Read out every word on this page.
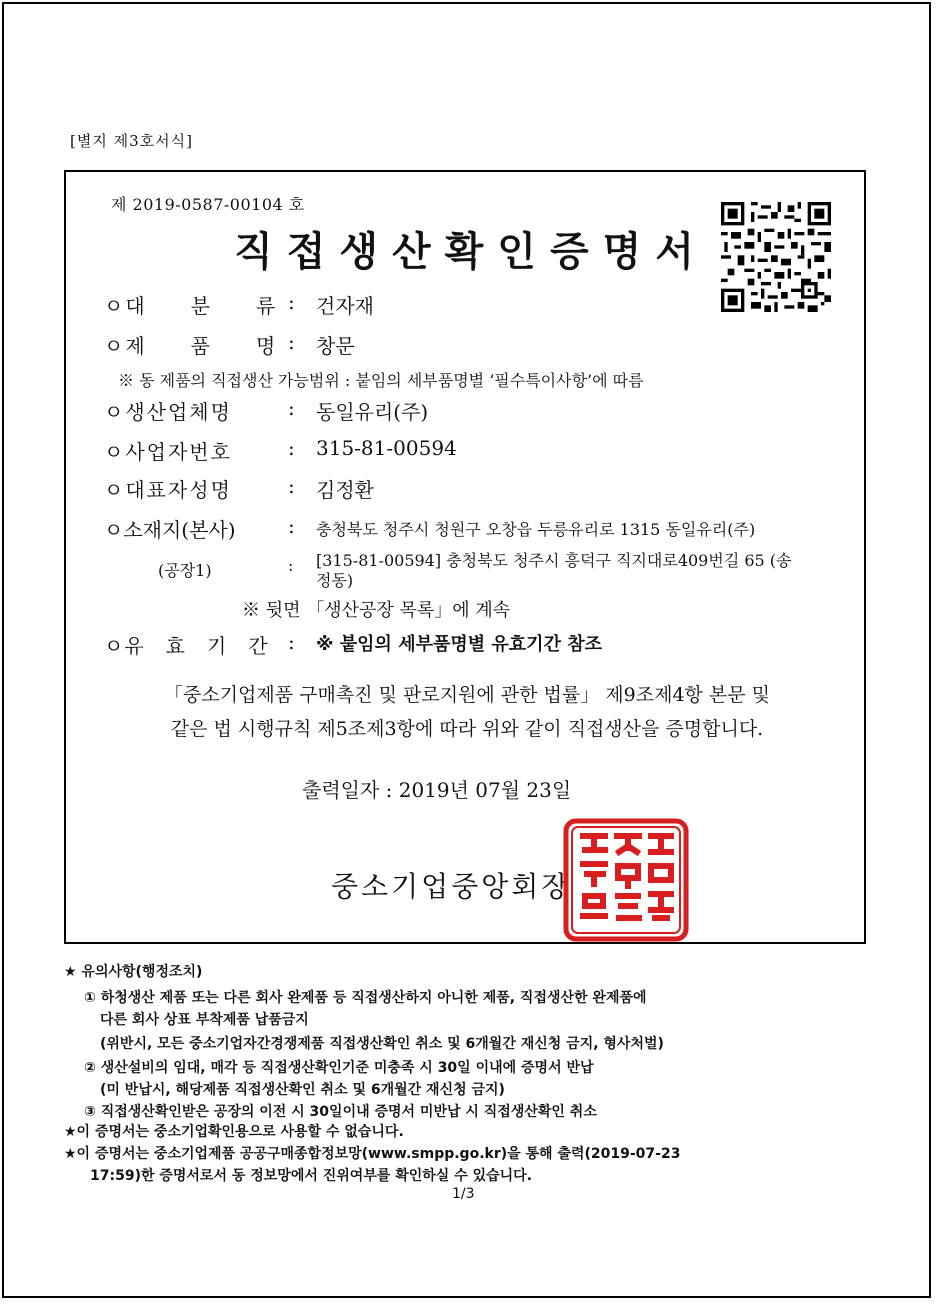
[별지 제3호서식]
제 2019-0587-00104 호
직접생산확인증명서
ㅇ대　　분　　류 : 건자재
ㅇ제　　품　　명 : 창문
※ 동 제품의 직접생산 가능범위 : 붙임의 세부품명별 ‘필수특이사항’에 따름
ㅇ생산업체명	: 동일유리(주)
ㅇ사업자번호	: 315-81-00594
ㅇ대표자성명	: 김정환
ㅇ소재지(본사)	: 충청북도 청주시 청원구 오창읍 두릉유리로 1315 동일유리(주)
(공장1)	: [315-81-00594] 충청북도 청주시 흥덕구 직지대로409번길 65 (송
정동)
※ 뒷면 「생산공장 목록」에 계속
ㅇ유　효　기　간 : ※ 붙임의 세부품명별 유효기간 참조
「중소기업제품 구매촉진 및 판로지원에 관한 법률」 제9조제4항 본문 및
같은 법 시행규칙 제5조제3항에 따라 위와 같이 직접생산을 증명합니다.
출력일자 : 2019년 07월 23일
중소기업중앙회장
★ 유의사항(행정조치)
① 하청생산 제품 또는 다른 회사 완제품 등 직접생산하지 아니한 제품, 직접생산한 완제품에
다른 회사 상표 부착제품 납품금지
(위반시, 모든 중소기업자간경쟁제품 직접생산확인 취소 및 6개월간 재신청 금지, 형사처벌)
② 생산설비의 임대, 매각 등 직접생산확인기준 미충족 시 30일 이내에 증명서 반납
(미 반납시, 해당제품 직접생산확인 취소 및 6개월간 재신청 금지)
③ 직접생산확인받은 공장의 이전 시 30일이내 증명서 미반납 시 직접생산확인 취소
★이 증명서는 중소기업확인용으로 사용할 수 없습니다.
★이 증명서는 중소기업제품 공공구매종합정보망(www.smpp.go.kr)을 통해 출력(2019-07-23
17:59)한 증명서로서 동 정보망에서 진위여부를 확인하실 수 있습니다.
1/3
